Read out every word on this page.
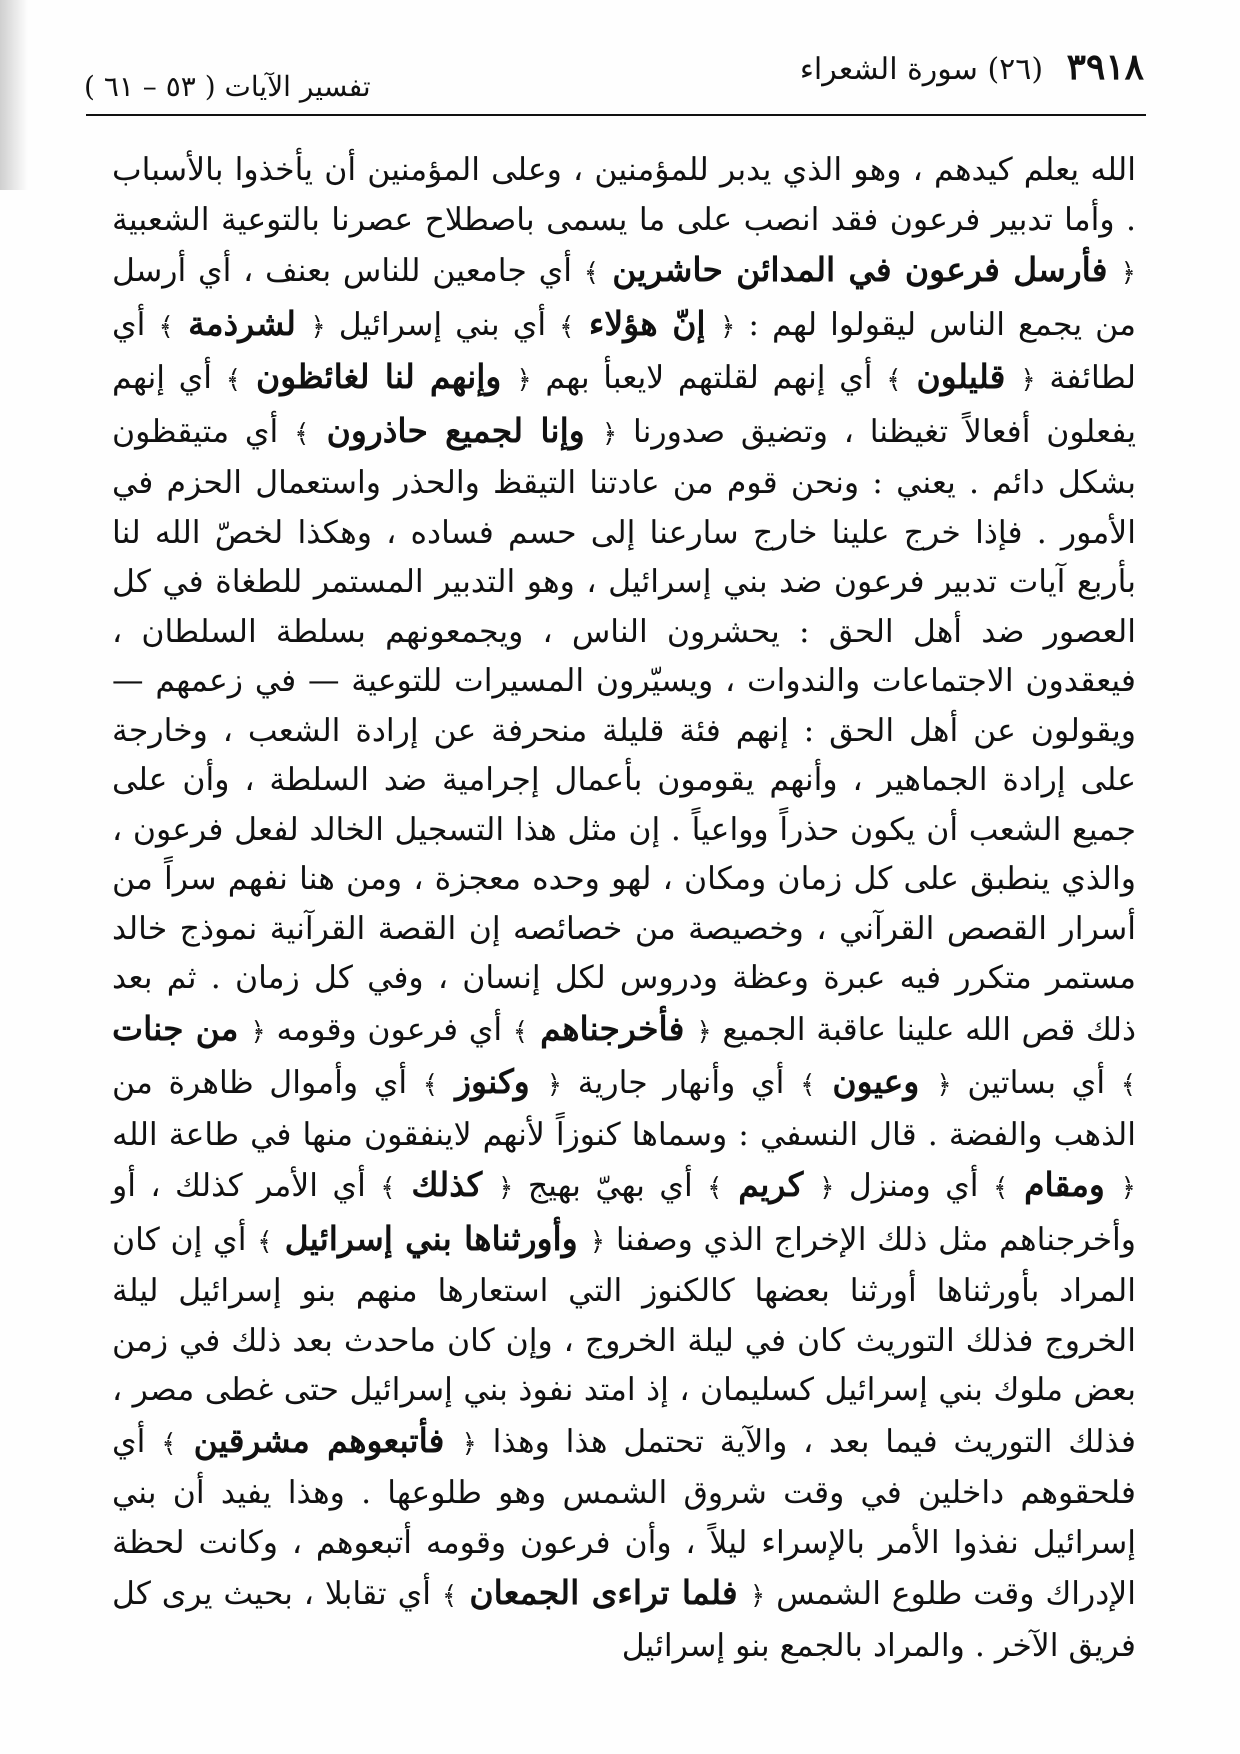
٣٩١٨ (٢٦) سورة الشعراء
تفسير الآيات ( ٥٣ – ٦١ )

الله يعلم كيدهم ، وهو الذي يدبر للمؤمنين ، وعلى المؤمنين أن يأخذوا بالأسباب . وأما تدبير فرعون فقد انصب على ما يسمى باصطلاح عصرنا بالتوعية الشعبية ﴿ فأرسل فرعون في المدائن حاشرين ﴾ أي جامعين للناس بعنف ، أي أرسل من يجمع الناس ليقولوا لهم : ﴿ إنّ هؤلاء ﴾ أي بني إسرائيل ﴿ لشرذمة ﴾ أي لطائفة ﴿ قليلون ﴾ أي إنهم لقلتهم لايعبأ بهم ﴿ وإنهم لنا لغائظون ﴾ أي إنهم يفعلون أفعالاً تغيظنا ، وتضيق صدورنا ﴿ وإنا لجميع حاذرون ﴾ أي متيقظون بشكل دائم . يعني : ونحن قوم من عادتنا التيقظ والحذر واستعمال الحزم في الأمور . فإذا خرج علينا خارج سارعنا إلى حسم فساده ، وهكذا لخصّ الله لنا بأربع آيات تدبير فرعون ضد بني إسرائيل ، وهو التدبير المستمر للطغاة في كل العصور ضد أهل الحق : يحشرون الناس ، ويجمعونهم بسلطة السلطان ، فيعقدون الاجتماعات والندوات ، ويسيّرون المسيرات للتوعية — في زعمهم — ويقولون عن أهل الحق : إنهم فئة قليلة منحرفة عن إرادة الشعب ، وخارجة على إرادة الجماهير ، وأنهم يقومون بأعمال إجرامية ضد السلطة ، وأن على جميع الشعب أن يكون حذراً وواعياً . إن مثل هذا التسجيل الخالد لفعل فرعون ، والذي ينطبق على كل زمان ومكان ، لهو وحده معجزة ، ومن هنا نفهم سراً من أسرار القصص القرآني ، وخصيصة من خصائصه إن القصة القرآنية نموذج خالد مستمر متكرر فيه عبرة وعظة ودروس لكل إنسان ، وفي كل زمان . ثم بعد ذلك قص الله علينا عاقبة الجميع ﴿ فأخرجناهم ﴾ أي فرعون وقومه ﴿ من جنات ﴾ أي بساتين ﴿ وعيون ﴾ أي وأنهار جارية ﴿ وكنوز ﴾ أي وأموال ظاهرة من الذهب والفضة . قال النسفي : وسماها كنوزاً لأنهم لاينفقون منها في طاعة الله ﴿ ومقام ﴾ أي ومنزل ﴿ كريم ﴾ أي بهيّ بهيج ﴿ كذلك ﴾ أي الأمر كذلك ، أو وأخرجناهم مثل ذلك الإخراج الذي وصفنا ﴿ وأورثناها بني إسرائيل ﴾ أي إن كان المراد بأورثناها أورثنا بعضها كالكنوز التي استعارها منهم بنو إسرائيل ليلة الخروج فذلك التوريث كان في ليلة الخروج ، وإن كان ماحدث بعد ذلك في زمن بعض ملوك بني إسرائيل كسليمان ، إذ امتد نفوذ بني إسرائيل حتى غطى مصر ، فذلك التوريث فيما بعد ، والآية تحتمل هذا وهذا ﴿ فأتبعوهم مشرقين ﴾ أي فلحقوهم داخلين في وقت شروق الشمس وهو طلوعها . وهذا يفيد أن بني إسرائيل نفذوا الأمر بالإسراء ليلاً ، وأن فرعون وقومه أتبعوهم ، وكانت لحظة الإدراك وقت طلوع الشمس ﴿ فلما تراءى الجمعان ﴾ أي تقابلا ، بحيث يرى كل فريق الآخر . والمراد بالجمع بنو إسرائيل
